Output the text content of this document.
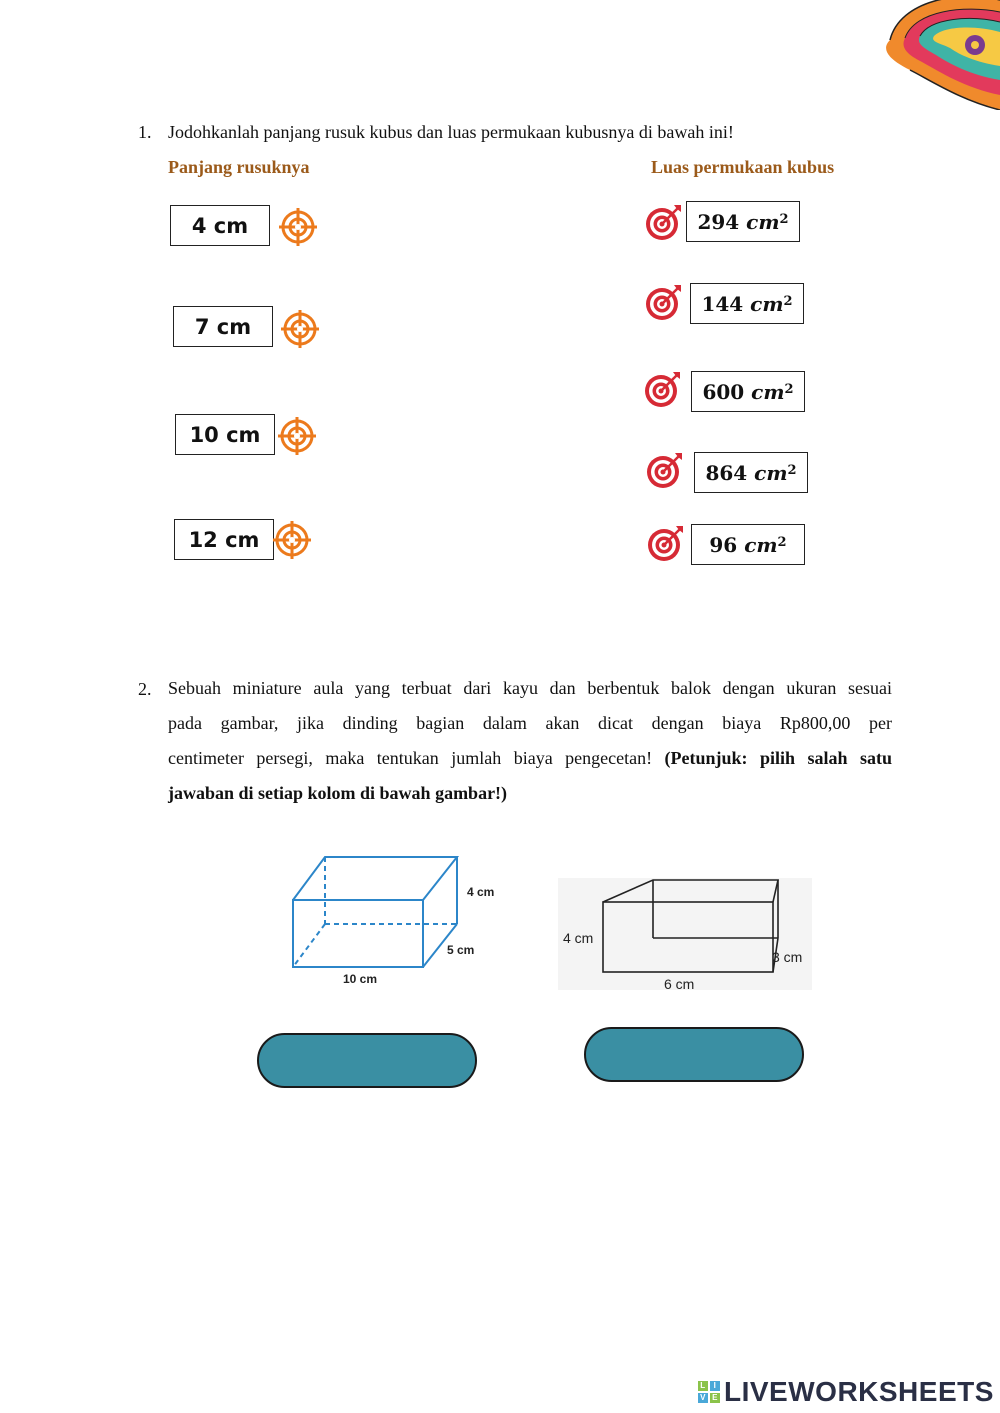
1. Jodohkanlah panjang rusuk kubus dan luas permukaan kubusnya di bawah ini!
Panjang rusuknya	Luas permukaan kubus
4 cm
7 cm
10 cm
12 cm
294
$cm^2$
144
$cm^2$
600
$cm^2$
864
$cm^2$
96
$cm^2$
2. Sebuah miniature aula yang terbuat dari kayu dan berbentuk balok dengan ukuran sesuai
pada gambar, jika dinding bagian dalam akan dicat dengan biaya Rp800,00 per
centimeter persegi, maka tentukan jumlah biaya pengecetan! (Petunjuk: pilih salah satu
jawaban di setiap kolom di bawah gambar!)
4 cm
5 cm
10 cm
4 cm
3 cm
6 cm
L I
V E LIVEWORKSHEETS
